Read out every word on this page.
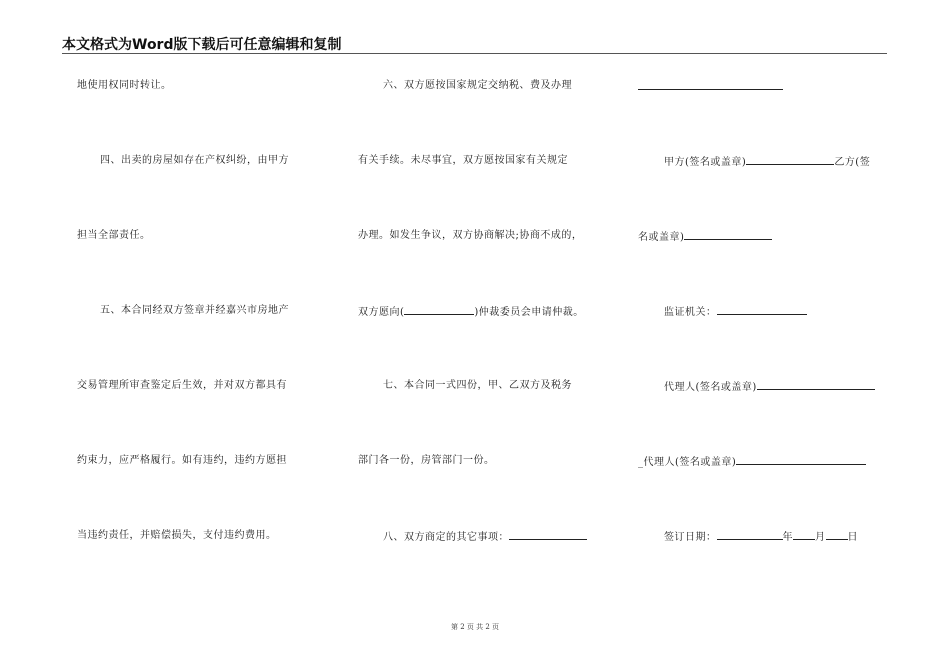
本文格式为Word版下载后可任意编辑和复制
地使用权同时转让。
四、出卖的房屋如存在产权纠纷，由甲方
担当全部责任。
五、本合同经双方签章并经嘉兴市房地产
交易管理所审查鉴定后生效，并对双方都具有
约束力，应严格履行。如有违约，违约方愿担
当违约责任，并赔偿损失，支付违约费用。
六、双方愿按国家规定交纳税、费及办理
有关手续。未尽事宜，双方愿按国家有关规定
办理。如发生争议，双方协商解决;协商不成的，
双方愿向(	)仲裁委员会申请仲裁。
七、本合同一式四份，甲、乙双方及税务
部门各一份，房管部门一份。
八、双方商定的其它事项：
甲方(签名或盖章)	乙方(签
名或盖章)
监证机关：
代理人(签名或盖章)
_代理人(签名或盖章)
签订日期：	年 月 日
第 2 页 共 2 页
